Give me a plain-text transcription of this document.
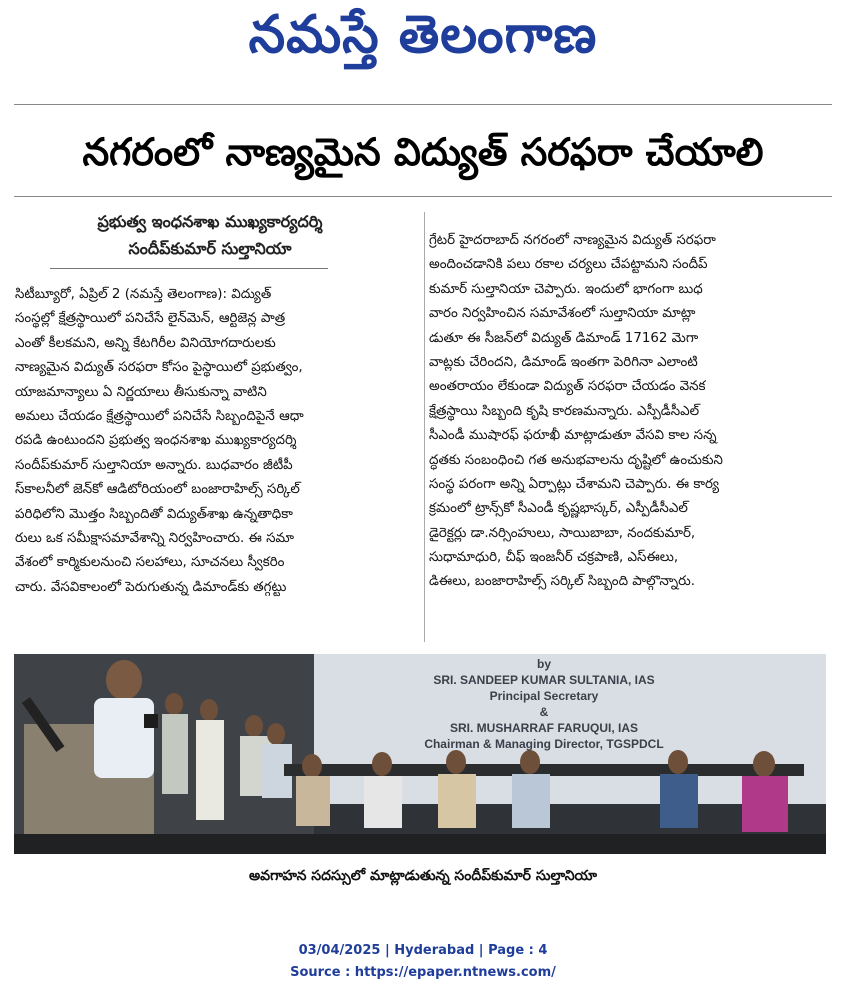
నమస్తే తెలంగాణ
నగరంలో నాణ్యమైన విద్యుత్ సరఫరా చేయాలి
ప్రభుత్వ ఇంధనశాఖ ముఖ్యకార్యదర్శి
సందీప్‌కుమార్ సుల్తానియా
సిటీబ్యూరో, ఏప్రిల్ 2 (నమస్తే తెలంగాణ): విద్యుత్
సంస్థల్లో క్షేత్రస్థాయిలో పనిచేసే లైన్‌మెన్, ఆర్టిజెన్ల పాత్ర
ఎంతో కీలకమని, అన్ని కేటగిరీల వినియోగదారులకు
నాణ్యమైన విద్యుత్ సరఫరా కోసం పైస్థాయిలో ప్రభుత్వం,
యాజమాన్యాలు ఏ నిర్ణయాలు తీసుకున్నా వాటిని
అమలు చేయడం క్షేత్రస్థాయిలో పనిచేసే సిబ్బందిపైనే ఆధా
రపడి ఉంటుందని ప్రభుత్వ ఇంధనశాఖ ముఖ్యకార్యదర్శి
సందీప్‌కుమార్ సుల్తానియా అన్నారు. బుధవారం జీటీపీ
స్‌కాలనీలో జెన్‌కో ఆడిటోరియంలో బంజారాహిల్స్ సర్కిల్
పరిధిలోని మొత్తం సిబ్బందితో విద్యుత్‌శాఖ ఉన్నతాధికా
రులు ఒక సమీక్షాసమావేశాన్ని నిర్వహించారు. ఈ సమా
వేశంలో కార్మికులనుంచి సలహాలు, సూచనలు స్వీకరిం
చారు. వేసవికాలంలో పెరుగుతున్న డిమాండ్‌కు తగ్గట్టు
గ్రేటర్ హైదరాబాద్ నగరంలో నాణ్యమైన విద్యుత్ సరఫరా
అందించడానికి పలు రకాల చర్యలు చేపట్టామని సందీప్
కుమార్ సుల్తానియా చెప్పారు. ఇందులో భాగంగా బుధ
వారం నిర్వహించిన సమావేశంలో సుల్తానియా మాట్లా
డుతూ ఈ సీజన్‌లో విద్యుత్ డిమాండ్ 17162 మెగా
వాట్లకు చేరిందని, డిమాండ్ ఇంతగా పెరిగినా ఎలాంటి
అంతరాయం లేకుండా విద్యుత్ సరఫరా చేయడం వెనక
క్షేత్రస్థాయి సిబ్బంది కృషి కారణమన్నారు. ఎస్పీడీసీఎల్
సీఎండీ ముషారఫ్ ఫరూఖీ మాట్లాడుతూ వేసవి కాల సన్న
ద్ధతకు సంబంధించి గత అనుభవాలను దృష్టిలో ఉంచుకుని
సంస్థ పరంగా అన్ని ఏర్పాట్లు చేశామని చెప్పారు. ఈ కార్య
క్రమంలో ట్రాన్స్‌కో సీఎండీ కృష్ణభాస్కర్, ఎస్పీడీసీఎల్
డైరెక్టర్లు డా.నర్సింహులు, సాయిబాబా, నందకుమార్,
సుధామాధురి, చీఫ్ ఇంజనీర్ చక్రపాణి, ఎస్ఈలు,
డిఈలు, బంజారాహిల్స్ సర్కిల్ సిబ్బంది పాల్గొన్నారు.
by
SRI. SANDEEP KUMAR SULTANIA, IAS
Principal Secretary
&
SRI. MUSHARRAF FARUQUI, IAS
Chairman & Managing Director, TGSPDCL
అవగాహన సదస్సులో మాట్లాడుతున్న సందీప్‌కుమార్ సుల్తానియా
03/04/2025 | Hyderabad | Page : 4
Source : https://epaper.ntnews.com/
